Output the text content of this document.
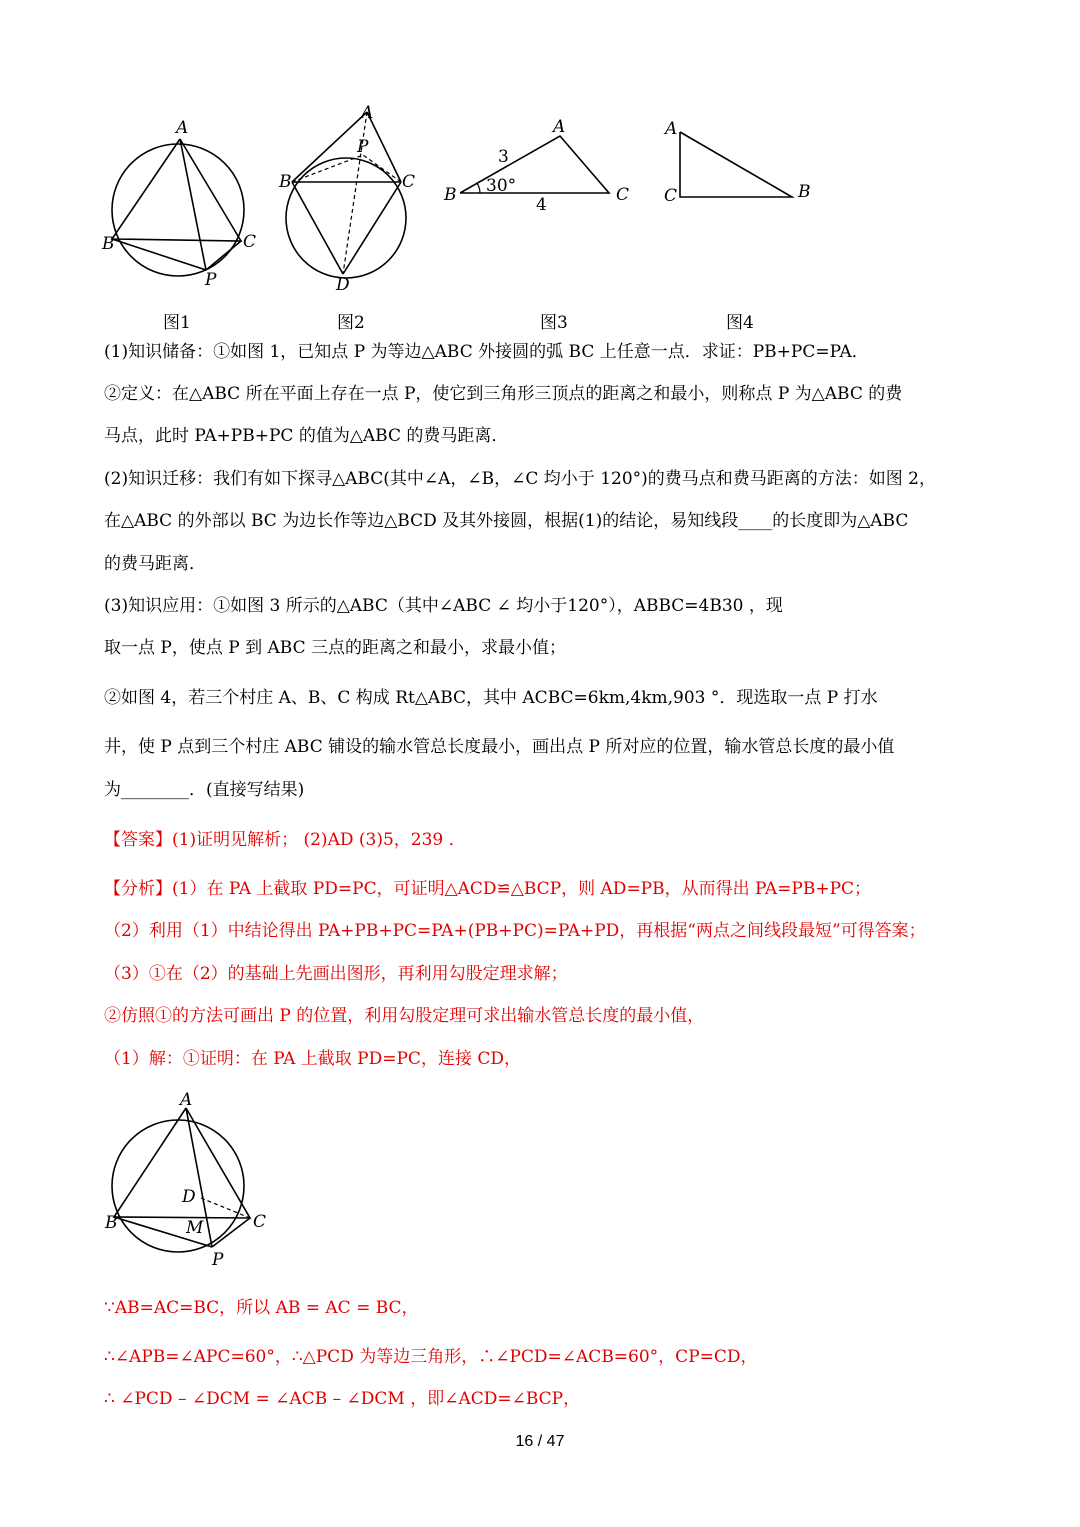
A
B	C
P
图1
A
P
B	C
D
图2
A
B	C
3
4
30°
图3
A
C	B
图4
(1)知识储备：①如图 1，已知点 P 为等边△ABC 外接圆的弧 BC 上任意一点．求证：PB+PC=PA．
②定义：在△ABC 所在平面上存在一点 P，使它到三角形三顶点的距离之和最小，则称点 P 为△ABC 的费
马点，此时 PA+PB+PC 的值为△ABC 的费马距离．
(2)知识迁移：我们有如下探寻△ABC(其中∠A，∠B，∠C 均小于 120°)的费马点和费马距离的方法：如图 2，
在△ABC 的外部以 BC 为边长作等边△BCD 及其外接圆，根据(1)的结论，易知线段____的长度即为△ABC
的费马距离．
(3)知识应用：①如图 3 所示的△ABC（其中∠ABC ∠ 均小于120°），ABBC=4B30 ，现
取一点 P，使点 P 到 ABC 三点的距离之和最小，求最小值；
②如图 4，若三个村庄 A、B、C 构成 Rt△ABC，其中 ACBC=6km,4km,903 °．现选取一点 P 打水
井，使 P 点到三个村庄 ABC 铺设的输水管总长度最小，画出点 P 所对应的位置，输水管总长度的最小值
为________．(直接写结果)
【答案】(1)证明见解析； (2)AD (3)5，239 ．
【分析】(1）在 PA 上截取 PD=PC，可证明△ACD≌△BCP，则 AD=PB，从而得出 PA=PB+PC；
（2）利用（1）中结论得出 PA+PB+PC=PA+(PB+PC)=PA+PD，再根据“两点之间线段最短”可得答案；
（3）①在（2）的基础上先画出图形，再利用勾股定理求解；
②仿照①的方法可画出 P 的位置，利用勾股定理可求出输水管总长度的最小值，
（1）解：①证明：在 PA 上截取 PD=PC，连接 CD，
A
B	C
D
M
P
∵AB=AC=BC，所以 AB = AC = BC，
∴∠APB=∠APC=60°，∴△PCD 为等边三角形，∴∠PCD=∠ACB=60°，CP=CD，
∴ ∠PCD – ∠DCM = ∠ACB – ∠DCM ，即∠ACD=∠BCP，
16 / 47
